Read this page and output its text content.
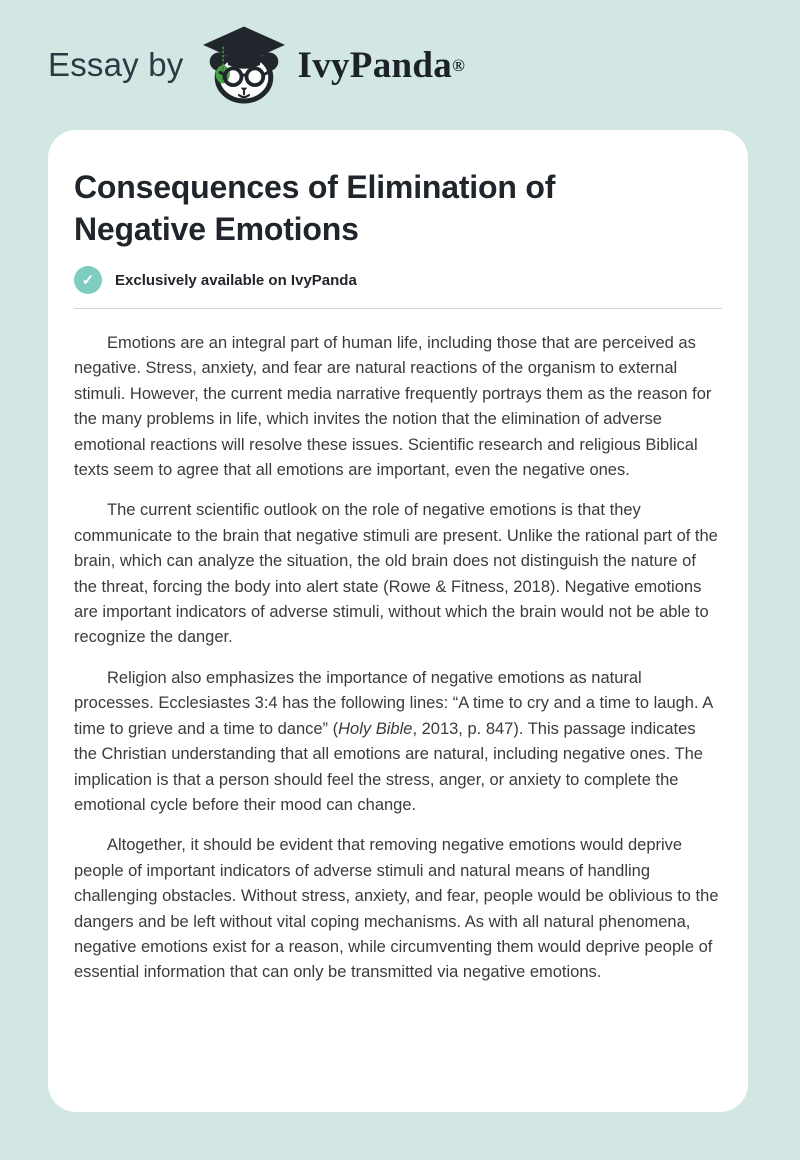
Essay by	IvyPanda ®
Consequences of Elimination of Negative Emotions
✓	Exclusively available on IvyPanda

Emotions are an integral part of human life, including those that are perceived as negative. Stress, anxiety, and fear are natural reactions of the organism to external stimuli. However, the current media narrative frequently portrays them as the reason for the many problems in life, which invites the notion that the elimination of adverse emotional reactions will resolve these issues. Scientific research and religious Biblical texts seem to agree that all emotions are important, even the negative ones.

The current scientific outlook on the role of negative emotions is that they communicate to the brain that negative stimuli are present. Unlike the rational part of the brain, which can analyze the situation, the old brain does not distinguish the nature of the threat, forcing the body into alert state (Rowe & Fitness, 2018). Negative emotions are important indicators of adverse stimuli, without which the brain would not be able to recognize the danger.

Religion also emphasizes the importance of negative emotions as natural processes. Ecclesiastes 3:4 has the following lines: “A time to cry and a time to laugh. A time to grieve and a time to dance” (Holy Bible, 2013, p. 847). This passage indicates the Christian understanding that all emotions are natural, including negative ones. The implication is that a person should feel the stress, anger, or anxiety to complete the emotional cycle before their mood can change.

Altogether, it should be evident that removing negative emotions would deprive people of important indicators of adverse stimuli and natural means of handling challenging obstacles. Without stress, anxiety, and fear, people would be oblivious to the dangers and be left without vital coping mechanisms. As with all natural phenomena, negative emotions exist for a reason, while circumventing them would deprive people of essential information that can only be transmitted via negative emotions.
